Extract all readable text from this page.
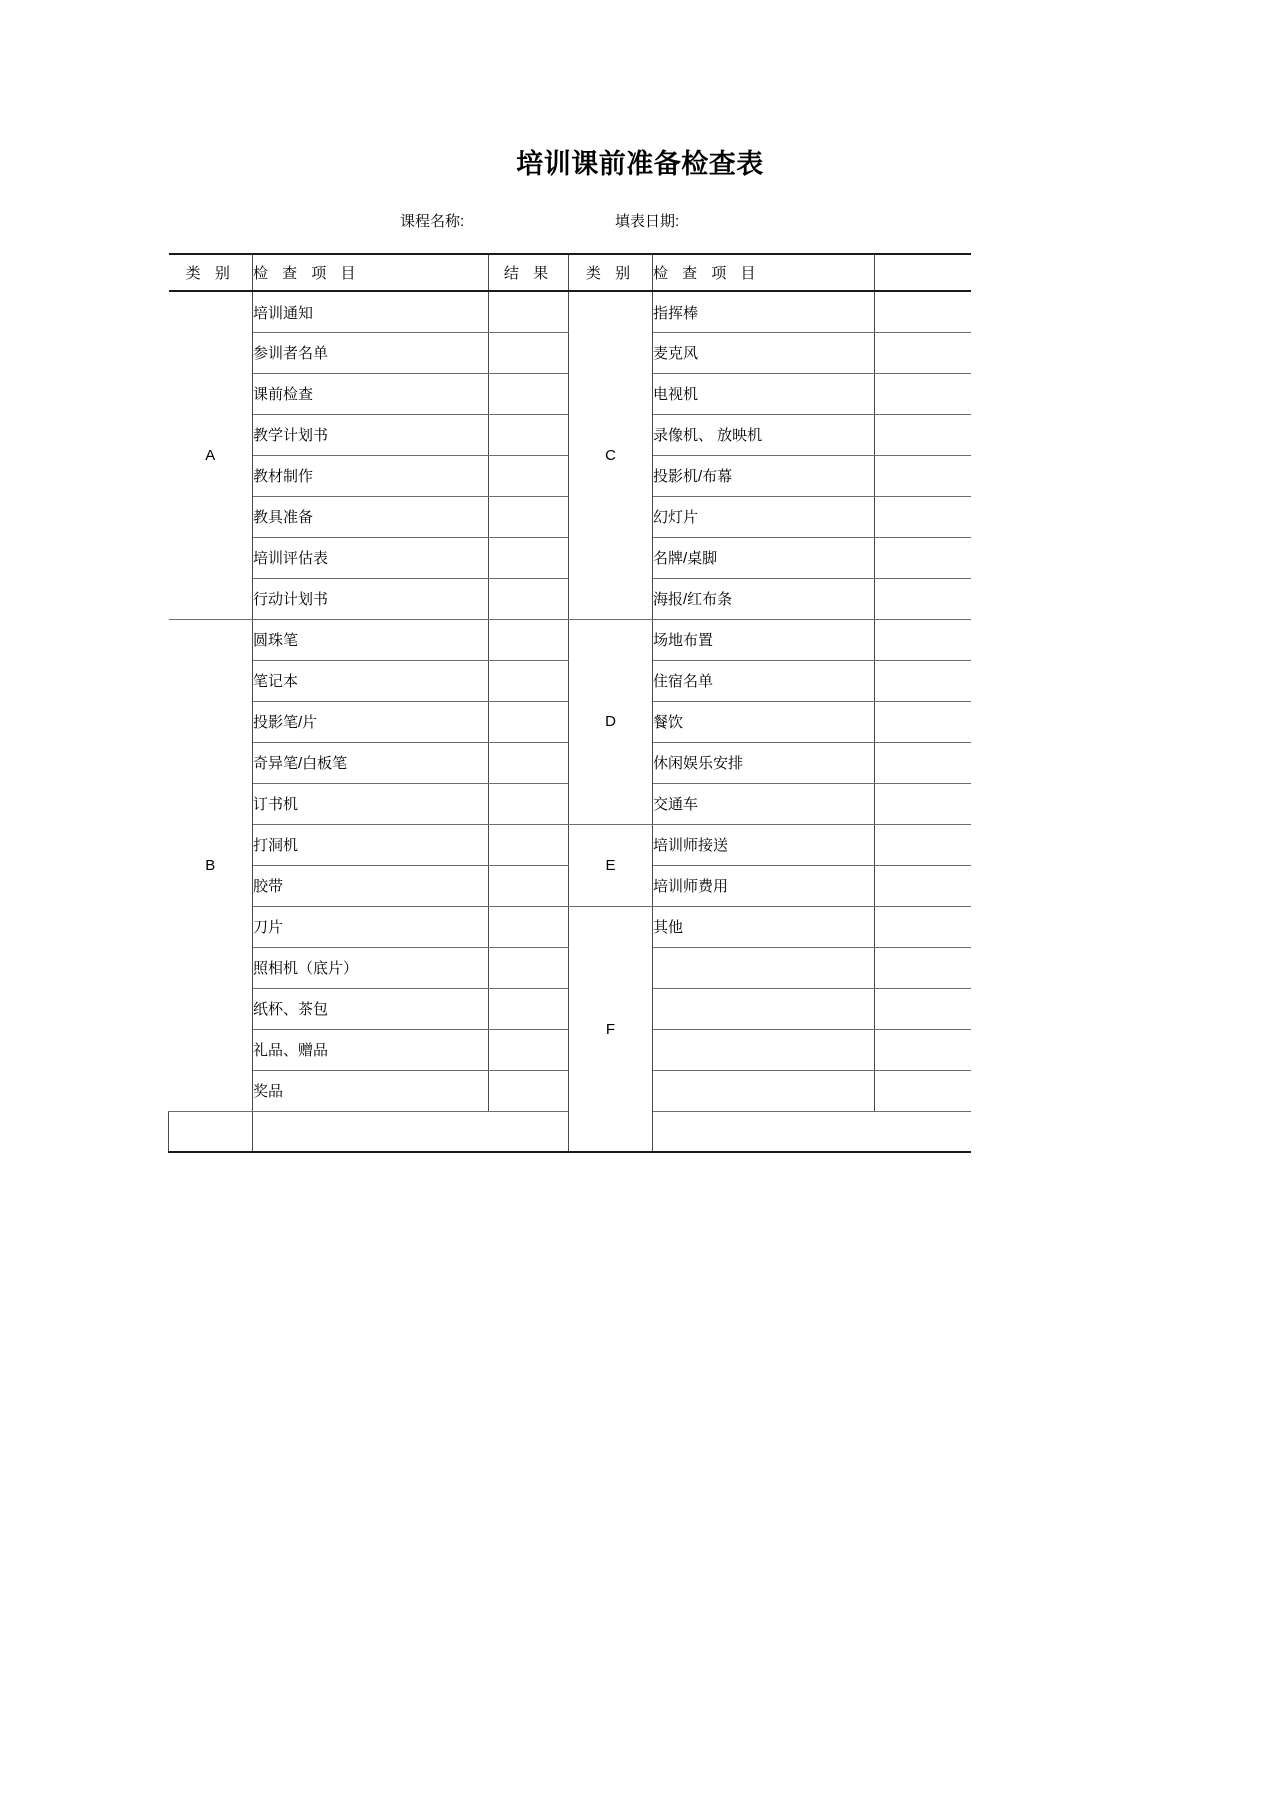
培训课前准备检查表
课程名称:	填表日期:
类 别	检 查 项 目	结 果	类 别	检 查 项 目	
A	培训通知		C	指挥棒	
	参训者名单			麦克风	
	课前检查			电视机	
	教学计划书			录像机、 放映机	
	教材制作			投影机/布幕	
	教具准备			幻灯片	
	培训评估表			名牌/桌脚	
	行动计划书			海报/红布条	
B	圆珠笔		D	场地布置	
	笔记本			住宿名单	
	投影笔/片			餐饮	
	奇异笔/白板笔			休闲娱乐安排	
	订书机			交通车	
	打洞机		E	培训师接送	
	胶带			培训师费用	
	刀片		F	其他	
	照相机（底片）				
	纸杯、茶包				
	礼品、赠品				
	奖品				
